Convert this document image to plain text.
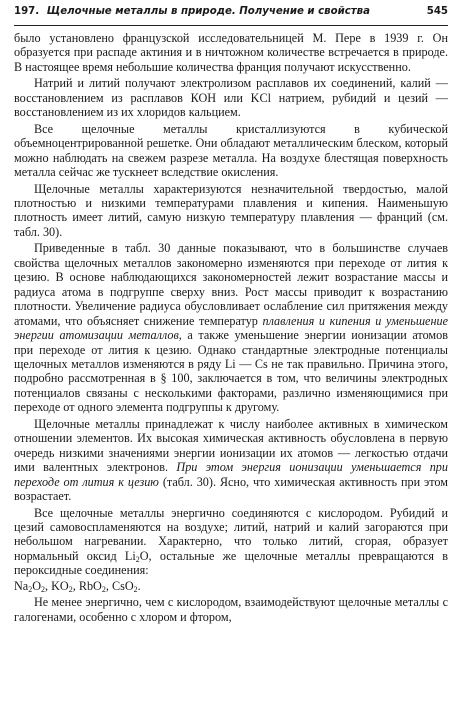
197. Щелочные металлы в природе. Получение и свойства	545

было установлено французской исследовательницей М. Пере в 1939 г. Он образуется при распаде актиния и в ничтожном количестве встречается в природе. В настоящее время небольшие количества франция получают искусственно.

Натрий и литий получают электролизом расплавов их соединений, калий — восстановлением из расплавов КОН или KCl натрием, рубидий и цезий — восстановлением из их хлоридов кальцием.

Все щелочные металлы кристаллизуются в кубической объемноцентрированной решетке. Они обладают металлическим блеском, который можно наблюдать на свежем разрезе металла. На воздухе блестящая поверхность металла сейчас же тускнеет вследствие окисления.

Щелочные металлы характеризуются незначительной твердостью, малой плотностью и низкими температурами плавления и кипения. Наименьшую плотность имеет литий, самую низкую температуру плавления — франций (см. табл. 30).

Приведенные в табл. 30 данные показывают, что в большинстве случаев свойства щелочных металлов закономерно изменяются при переходе от лития к цезию. В основе наблюдающихся закономерностей лежит возрастание массы и радиуса атома в подгруппе сверху вниз. Рост массы приводит к возрастанию плотности. Увеличение радиуса обусловливает ослабление сил притяжения между атомами, что объясняет снижение температур плавления и кипения и уменьшение энергии атомизации металлов, а также уменьшение энергии ионизации атомов при переходе от лития к цезию. Однако стандартные электродные потенциалы щелочных металлов изменяются в ряду Li — Cs не так правильно. Причина этого, подробно рассмотренная в § 100, заключается в том, что величины электродных потенциалов связаны с несколькими факторами, различно изменяющимися при переходе от одного элемента подгруппы к другому.

Щелочные металлы принадлежат к числу наиболее активных в химическом отношении элементов. Их высокая химическая активность обусловлена в первую очередь низкими значениями энергии ионизации их атомов — легкостью отдачи ими валентных электронов. При этом энергия ионизации уменьшается при переходе от лития к цезию (табл. 30). Ясно, что химическая активность при этом возрастает.

Все щелочные металлы энергично соединяются с кислородом. Рубидий и цезий самовоспламеняются на воздухе; литий, натрий и калий загораются при небольшом нагревании. Характерно, что только литий, сгорая, образует нормальный оксид $Li_2O$, остальные же щелочные металлы превращаются в пероксидные соединения:

$Na_2O_2$, $KO_2$, RbO$_2$, CsO$_2$.

Не менее энергично, чем с кислородом, взаимодействуют щелочные металлы с галогенами, особенно с хлором и фтором,
